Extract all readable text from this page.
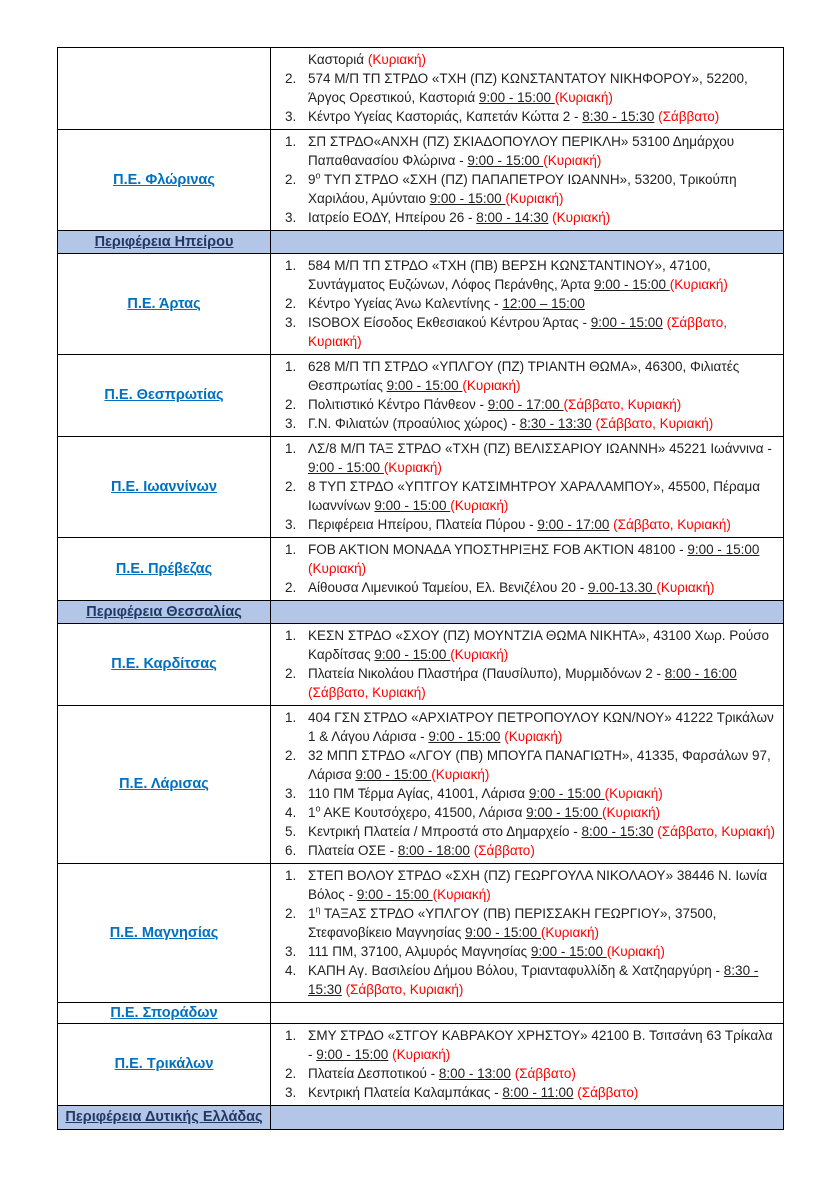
Καστοριά (Κυριακή)
2. 574 Μ/Π ΤΠ ΣΤΡΔΟ «ΤΧΗ (ΠΖ) ΚΩΝΣΤΑΝΤΑΤΟΥ ΝΙΚΗΦΟΡΟΥ», 52200, Άργος Ορεστικού, Καστοριά 9:00 - 15:00 (Κυριακή)
3. Κέντρο Υγείας Καστοριάς, Καπετάν Κώττα 2 - 8:30 - 15:30 (Σάββατο)
Π.Ε. Φλώρινας
1. ΣΠ ΣΤΡΔΟ«ΑΝΧΗ (ΠΖ) ΣΚΙΑΔΟΠΟΥΛΟΥ ΠΕΡΙΚΛΗ» 53100 Δημάρχου Παπαθανασίου Φλώρινα - 9:00 - 15:00 (Κυριακή)
2. $9^o$ ΤΥΠ ΣΤΡΔΟ «ΣΧΗ (ΠΖ) ΠΑΠΑΠΕΤΡΟΥ ΙΩΑΝΝΗ», 53200, Τρικούπη Χαριλάου, Αμύνταιο 9:00 - 15:00 (Κυριακή)
3. Ιατρείο ΕΟΔΥ, Ηπείρου 26 - 8:00 - 14:30 (Κυριακή)
Περιφέρεια Ηπείρου
Π.Ε. Άρτας
1. 584 Μ/Π ΤΠ ΣΤΡΔΟ «ΤΧΗ (ΠΒ) ΒΕΡΣΗ ΚΩΝΣΤΑΝΤΙΝΟΥ», 47100, Συντάγματος Ευζώνων, Λόφος Περάνθης, Άρτα 9:00 - 15:00 (Κυριακή)
2. Κέντρο Υγείας Άνω Καλεντίνης - 12:00 – 15:00
3. ISOBOX Είσοδος Εκθεσιακού Κέντρου Άρτας - 9:00 - 15:00 (Σάββατο, Κυριακή)
Π.Ε. Θεσπρωτίας
1. 628 Μ/Π ΤΠ ΣΤΡΔΟ «ΥΠΛΓΟΥ (ΠΖ) ΤΡΙΑΝΤΗ ΘΩΜΑ», 46300, Φιλιατές Θεσπρωτίας 9:00 - 15:00 (Κυριακή)
2. Πολιτιστικό Κέντρο Πάνθεον - 9:00 - 17:00 (Σάββατο, Κυριακή)
3. Γ.Ν. Φιλιατών (προαύλιος χώρος) - 8:30 - 13:30 (Σάββατο, Κυριακή)
Π.Ε. Ιωαννίνων
1. ΛΣ/8 Μ/Π ΤΑΞ ΣΤΡΔΟ «ΤΧΗ (ΠΖ) ΒΕΛΙΣΣΑΡΙΟΥ ΙΩΑΝΝΗ» 45221 Ιωάννινα - 9:00 - 15:00 (Κυριακή)
2. 8 ΤΥΠ ΣΤΡΔΟ «ΥΠΤΓΟΥ ΚΑΤΣΙΜΗΤΡΟΥ ΧΑΡΑΛΑΜΠΟΥ», 45500, Πέραμα Ιωαννίνων 9:00 - 15:00 (Κυριακή)
3. Περιφέρεια Ηπείρου, Πλατεία Πύρου - 9:00 - 17:00 (Σάββατο, Κυριακή)
Π.Ε. Πρέβεζας
1. FOB AKTION ΜΟΝΑΔΑ ΥΠΟΣΤΗΡΙΞΗΣ FOB AKTION 48100 - 9:00 - 15:00 (Κυριακή)
2. Αίθουσα Λιμενικού Ταμείου, Ελ. Βενιζέλου 20 - 9.00-13.30 (Κυριακή)
Περιφέρεια Θεσσαλίας
Π.Ε. Καρδίτσας
1. ΚΕΣΝ ΣΤΡΔΟ «ΣΧΟΥ (ΠΖ) ΜΟΥΝΤΖΙΑ ΘΩΜΑ ΝΙΚΗΤΑ», 43100 Χωρ. Ρούσο Καρδίτσας 9:00 - 15:00 (Κυριακή)
2. Πλατεία Νικολάου Πλαστήρα (Παυσίλυπο), Μυρμιδόνων 2 - 8:00 - 16:00 (Σάββατο, Κυριακή)
Π.Ε. Λάρισας
1. 404 ΓΣΝ ΣΤΡΔΟ «ΑΡΧΙΑΤΡΟΥ ΠΕΤΡΟΠΟΥΛΟΥ ΚΩΝ/ΝΟΥ» 41222 Τρικάλων 1 & Λάγου Λάρισα - 9:00 - 15:00 (Κυριακή)
2. 32 ΜΠΠ ΣΤΡΔΟ «ΛΓΟΥ (ΠΒ) ΜΠΟΥΓΑ ΠΑΝΑΓΙΩΤΗ», 41335, Φαρσάλων 97, Λάρισα 9:00 - 15:00 (Κυριακή)
3. 110 ΠΜ Τέρμα Αγίας, 41001, Λάρισα 9:00 - 15:00 (Κυριακή)
4. $1^o$ ΑΚΕ Κουτσόχερο, 41500, Λάρισα 9:00 - 15:00 (Κυριακή)
5. Κεντρική Πλατεία / Μπροστά στο Δημαρχείο - 8:00 - 15:30 (Σάββατο, Κυριακή)
6. Πλατεία ΟΣΕ - 8:00 - 18:00 (Σάββατο)
Π.Ε. Μαγνησίας
1. ΣΤΕΠ ΒΟΛΟΥ ΣΤΡΔΟ «ΣΧΗ (ΠΖ) ΓΕΩΡΓΟΥΛΑ ΝΙΚΟΛΑΟΥ» 38446 Ν. Ιωνία Βόλος - 9:00 - 15:00 (Κυριακή)
2. $1^\eta$ ΤΑΞΑΣ ΣΤΡΔΟ «ΥΠΛΓΟΥ (ΠΒ) ΠΕΡΙΣΣΑΚΗ ΓΕΩΡΓΙΟΥ», 37500, Στεφανοβίκειο Μαγνησίας 9:00 - 15:00 (Κυριακή)
3. 111 ΠΜ, 37100, Αλμυρός Μαγνησίας 9:00 - 15:00 (Κυριακή)
4. ΚΑΠΗ Αγ. Βασιλείου Δήμου Βόλου, Τριανταφυλλίδη & Χατζηαργύρη - 8:30 - 15:30 (Σάββατο, Κυριακή)
Π.Ε. Σποράδων
Π.Ε. Τρικάλων
1. ΣΜΥ ΣΤΡΔΟ «ΣΤΓΟΥ ΚΑΒΡΑΚΟΥ ΧΡΗΣΤΟΥ» 42100 Β. Τσιτσάνη 63 Τρίκαλα - 9:00 - 15:00 (Κυριακή)
2. Πλατεία Δεσποτικού - 8:00 - 13:00 (Σάββατο)
3. Κεντρική Πλατεία Καλαμπάκας - 8:00 - 11:00 (Σάββατο)
Περιφέρεια Δυτικής Ελλάδας
